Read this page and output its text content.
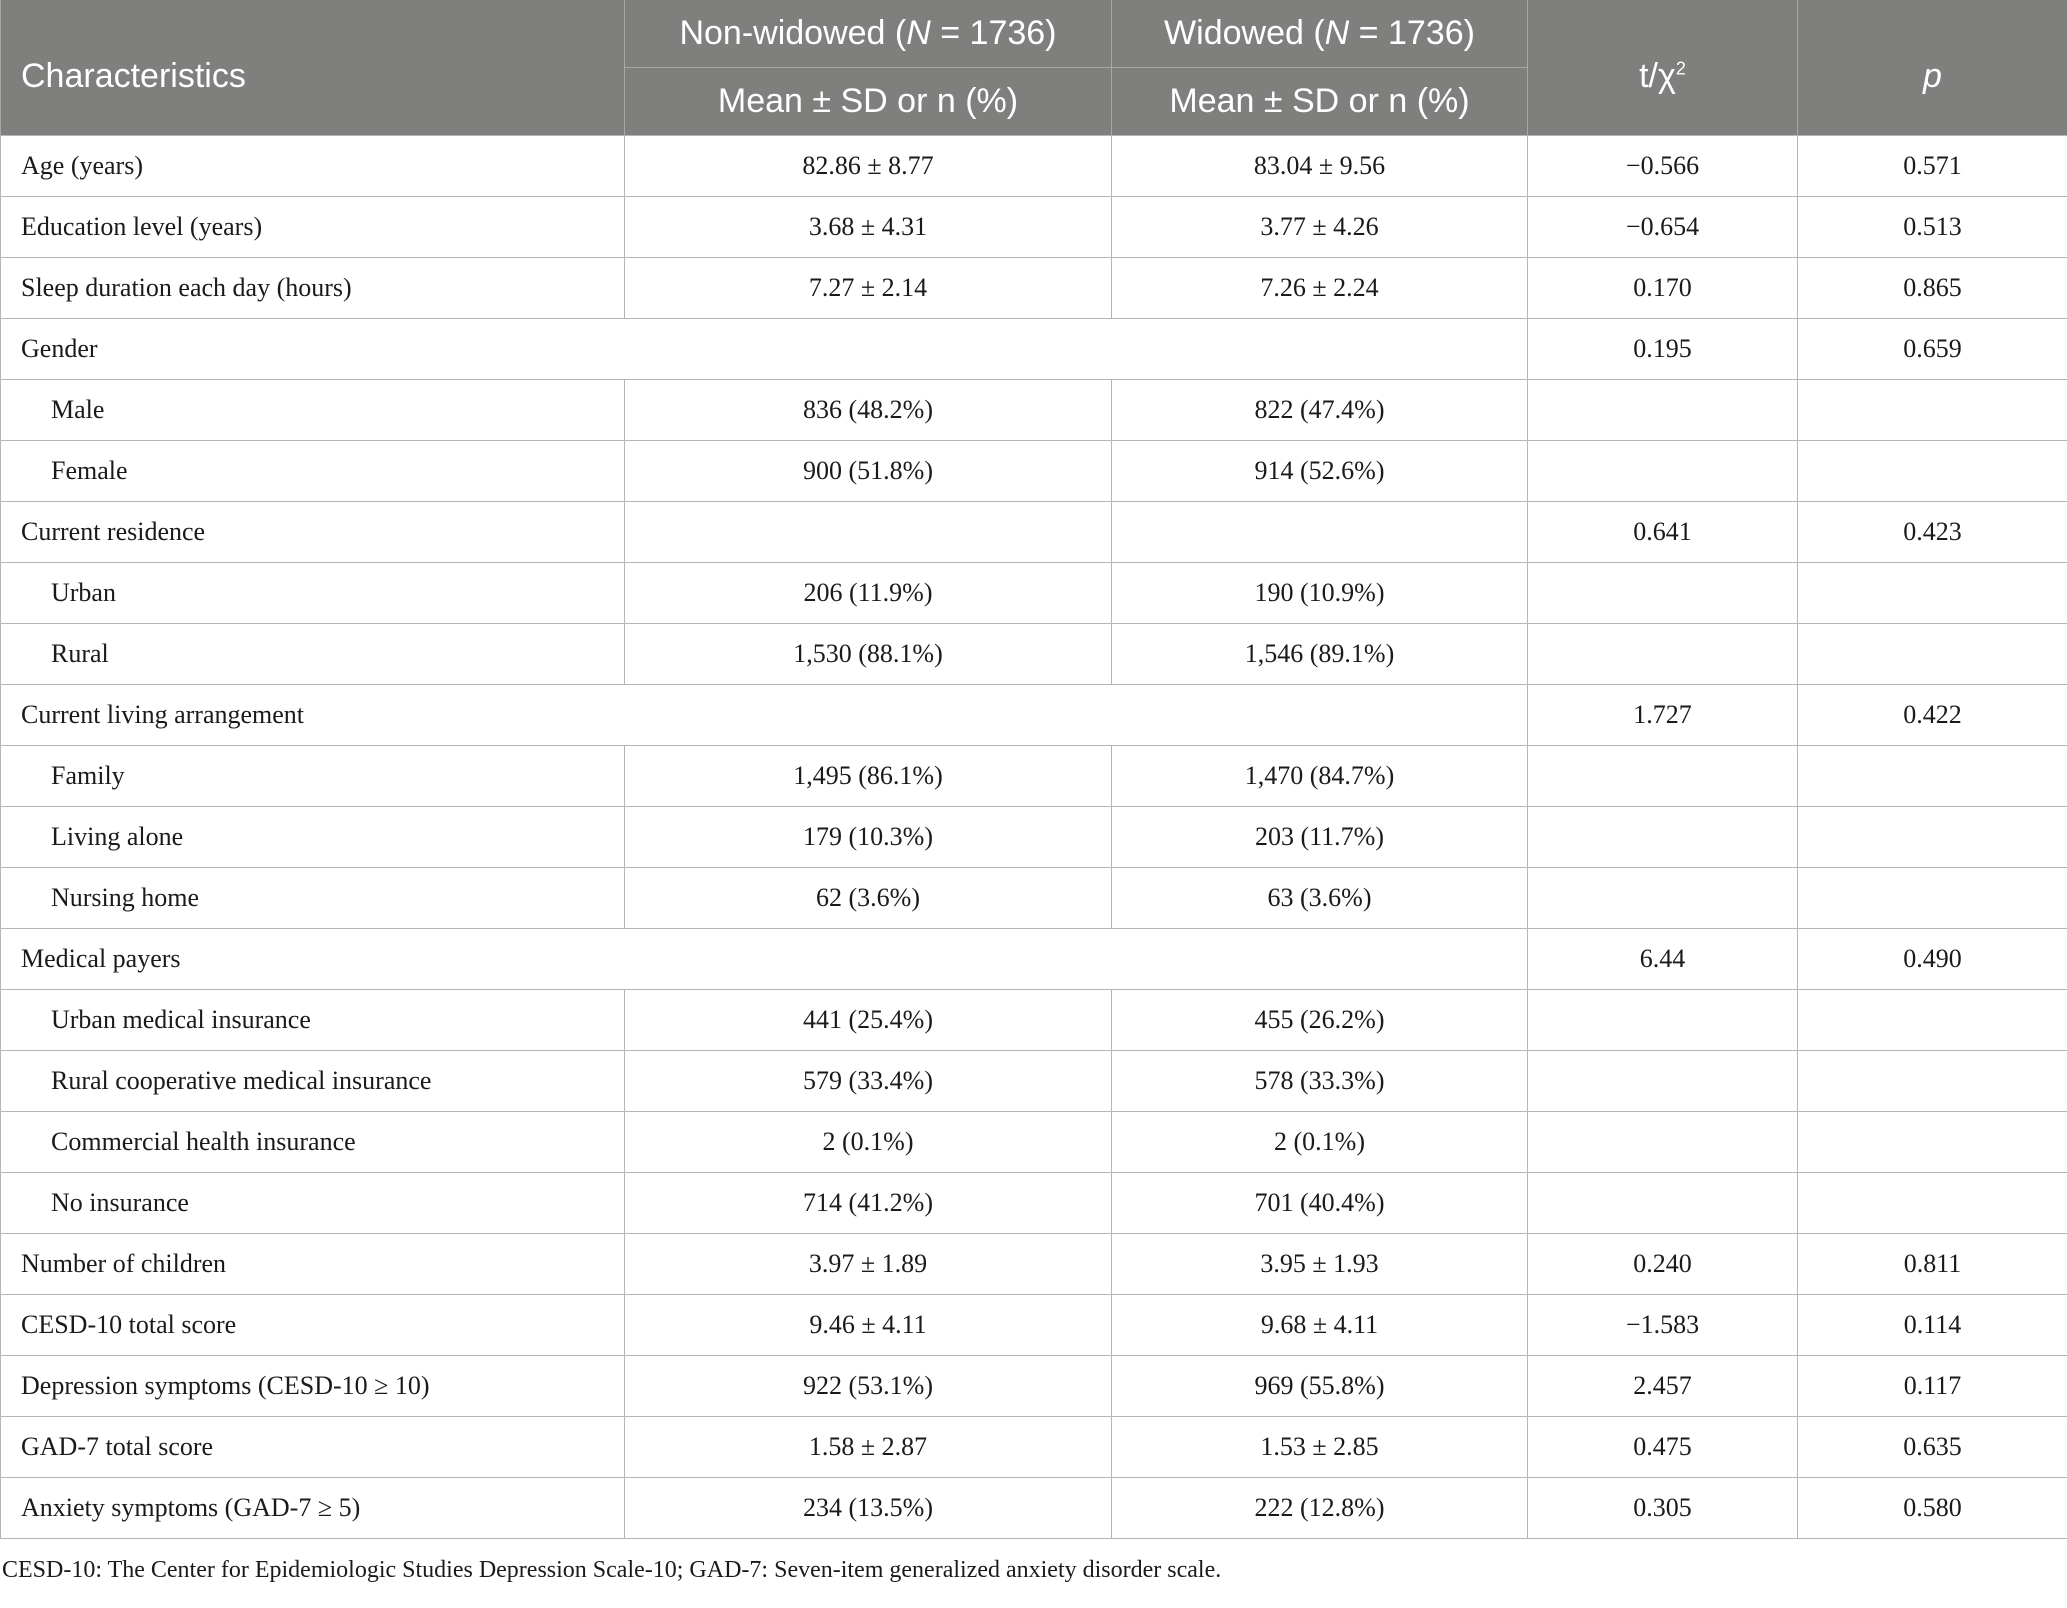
Characteristics	Non-widowed (N = 1736)	Widowed (N = 1736)	$t/\chi^2$	p
	Mean ± SD or n (%)	Mean ± SD or n (%)		
Age (years)	82.86 ± 8.77	83.04 ± 9.56	−0.566	0.571
Education level (years)	3.68 ± 4.31	3.77 ± 4.26	−0.654	0.513
Sleep duration each day (hours)	7.27 ± 2.14	7.26 ± 2.24	0.170	0.865
Gender			0.195	0.659
Male	836 (48.2%)	822 (47.4%)		
Female	900 (51.8%)	914 (52.6%)		
Current residence			0.641	0.423
Urban	206 (11.9%)	190 (10.9%)		
Rural	1,530 (88.1%)	1,546 (89.1%)		
Current living arrangement			1.727	0.422
Family	1,495 (86.1%)	1,470 (84.7%)		
Living alone	179 (10.3%)	203 (11.7%)		
Nursing home	62 (3.6%)	63 (3.6%)		
Medical payers			6.44	0.490
Urban medical insurance	441 (25.4%)	455 (26.2%)		
Rural cooperative medical insurance	579 (33.4%)	578 (33.3%)		
Commercial health insurance	2 (0.1%)	2 (0.1%)		
No insurance	714 (41.2%)	701 (40.4%)		
Number of children	3.97 ± 1.89	3.95 ± 1.93	0.240	0.811
CESD-10 total score	9.46 ± 4.11	9.68 ± 4.11	−1.583	0.114
Depression symptoms (CESD-10 ≥ 10)	922 (53.1%)	969 (55.8%)	2.457	0.117
GAD-7 total score	1.58 ± 2.87	1.53 ± 2.85	0.475	0.635
Anxiety symptoms (GAD-7 ≥ 5)	234 (13.5%)	222 (12.8%)	0.305	0.580
CESD-10: The Center for Epidemiologic Studies Depression Scale-10; GAD-7: Seven-item generalized anxiety disorder scale.
